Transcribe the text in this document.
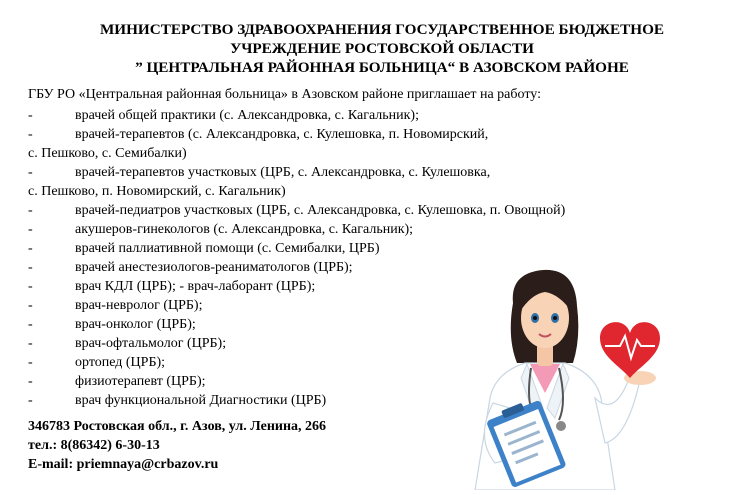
МИНИСТЕРСТВО ЗДРАВООХРАНЕНИЯ ГОСУДАРСТВЕННОЕ БЮДЖЕТНОЕ
УЧРЕЖДЕНИЕ РОСТОВСКОЙ ОБЛАСТИ
” ЦЕНТРАЛЬНАЯ РАЙОННАЯ БОЛЬНИЦА“ В АЗОВСКОМ РАЙОНЕ
ГБУ РО «Центральная районная больница» в Азовском районе приглашает на работу:
-	врачей общей практики (с. Александровка, с. Кагальник);
-	врачей-терапевтов (с. Александровка, с. Кулешовка, п. Новомирский,
с. Пешково, с. Семибалки)
-	врачей-терапевтов участковых (ЦРБ, с. Александровка, с. Кулешовка,
с. Пешково, п. Новомирский, с. Кагальник)
-	врачей-педиатров участковых (ЦРБ, с. Александровка, с. Кулешовка, п. Овощной)
-	акушеров-гинекологов (с. Александровка, с. Кагальник);
-	врачей паллиативной помощи (с. Семибалки, ЦРБ)
-	врачей анестезиологов-реаниматологов (ЦРБ);
-	врач КДЛ (ЦРБ); - врач-лаборант (ЦРБ);
-	врач-невролог (ЦРБ);
-	врач-онколог (ЦРБ);
-	врач-офтальмолог (ЦРБ);
-	ортопед (ЦРБ);
-	физиотерапевт (ЦРБ);
-	врач функциональной Диагностики (ЦРБ)
346783 Ростовская обл., г. Азов, ул. Ленина, 266
тел.: 8(86342) 6-30-13
E-mail: priemnaya@crbazov.ru
